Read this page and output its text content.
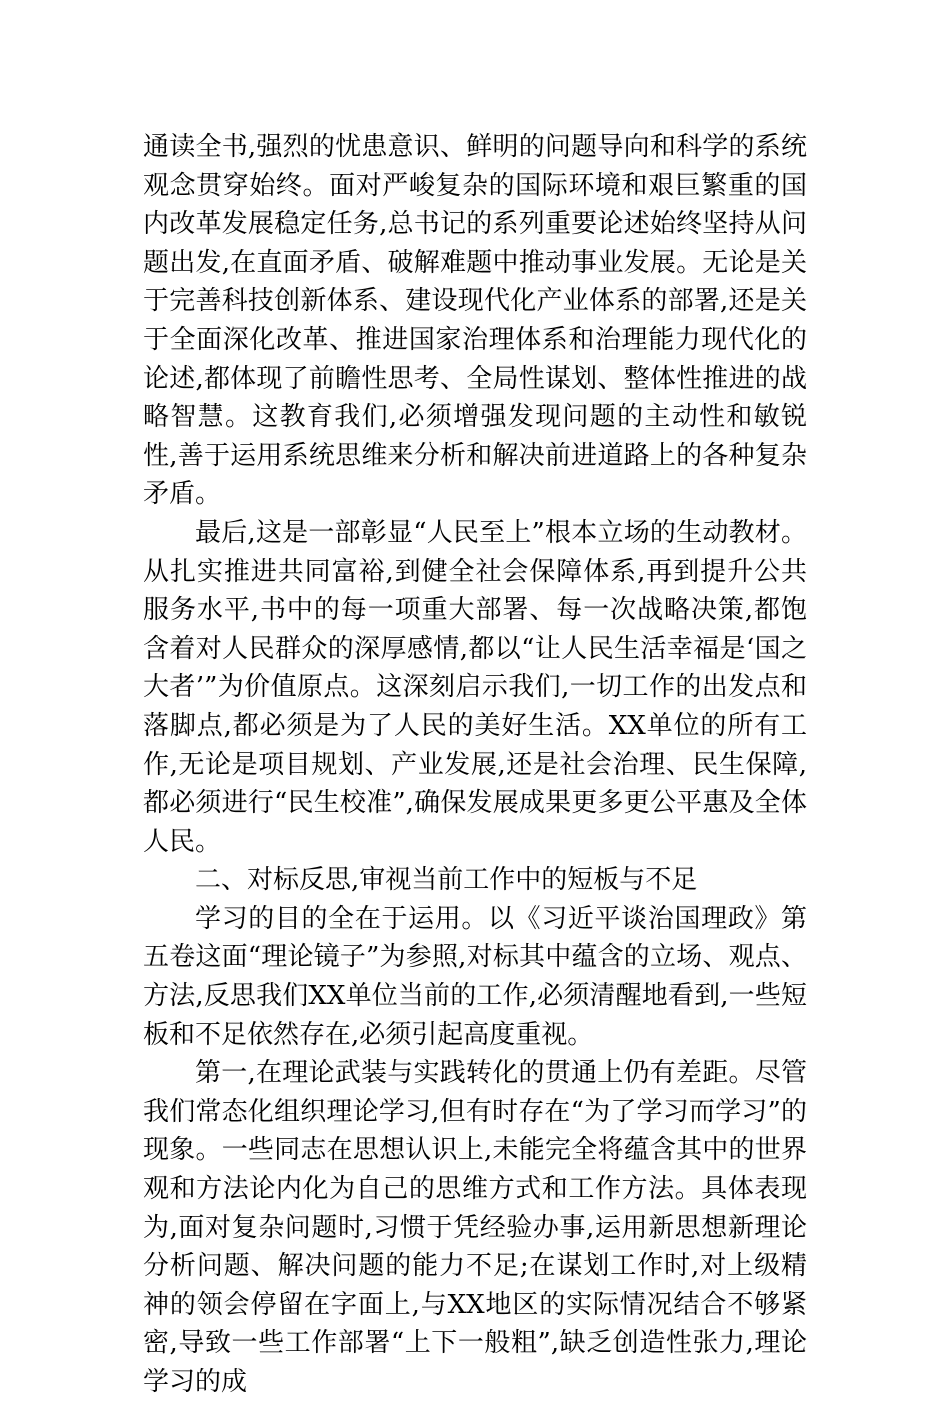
通读全书,强烈的忧患意识、鲜明的问题导向和科学的系统观念贯穿始终。面对严峻复杂的国际环境和艰巨繁重的国内改革发展稳定任务,总书记的系列重要论述始终坚持从问题出发,在直面矛盾、破解难题中推动事业发展。无论是关于完善科技创新体系、建设现代化产业体系的部署,还是关于全面深化改革、推进国家治理体系和治理能力现代化的论述,都体现了前瞻性思考、全局性谋划、整体性推进的战略智慧。这教育我们,必须增强发现问题的主动性和敏锐性,善于运用系统思维来分析和解决前进道路上的各种复杂矛盾。

最后,这是一部彰显“人民至上”根本立场的生动教材。从扎实推进共同富裕,到健全社会保障体系,再到提升公共服务水平,书中的每一项重大部署、每一次战略决策,都饱含着对人民群众的深厚感情,都以“让人民生活幸福是‘国之大者’”为价值原点。这深刻启示我们,一切工作的出发点和落脚点,都必须是为了人民的美好生活。XX单位的所有工作,无论是项目规划、产业发展,还是社会治理、民生保障,都必须进行“民生校准”,确保发展成果更多更公平惠及全体人民。

二、对标反思,审视当前工作中的短板与不足

学习的目的全在于运用。以《习近平谈治国理政》第五卷这面“理论镜子”为参照,对标其中蕴含的立场、观点、方法,反思我们XX单位当前的工作,必须清醒地看到,一些短板和不足依然存在,必须引起高度重视。

第一,在理论武装与实践转化的贯通上仍有差距。尽管我们常态化组织理论学习,但有时存在“为了学习而学习”的现象。一些同志在思想认识上,未能完全将蕴含其中的世界观和方法论内化为自己的思维方式和工作方法。具体表现为,面对复杂问题时,习惯于凭经验办事,运用新思想新理论分析问题、解决问题的能力不足;在谋划工作时,对上级精神的领会停留在字面上,与XX地区的实际情况结合不够紧密,导致一些工作部署“上下一般粗”,缺乏创造性张力,理论学习的成
